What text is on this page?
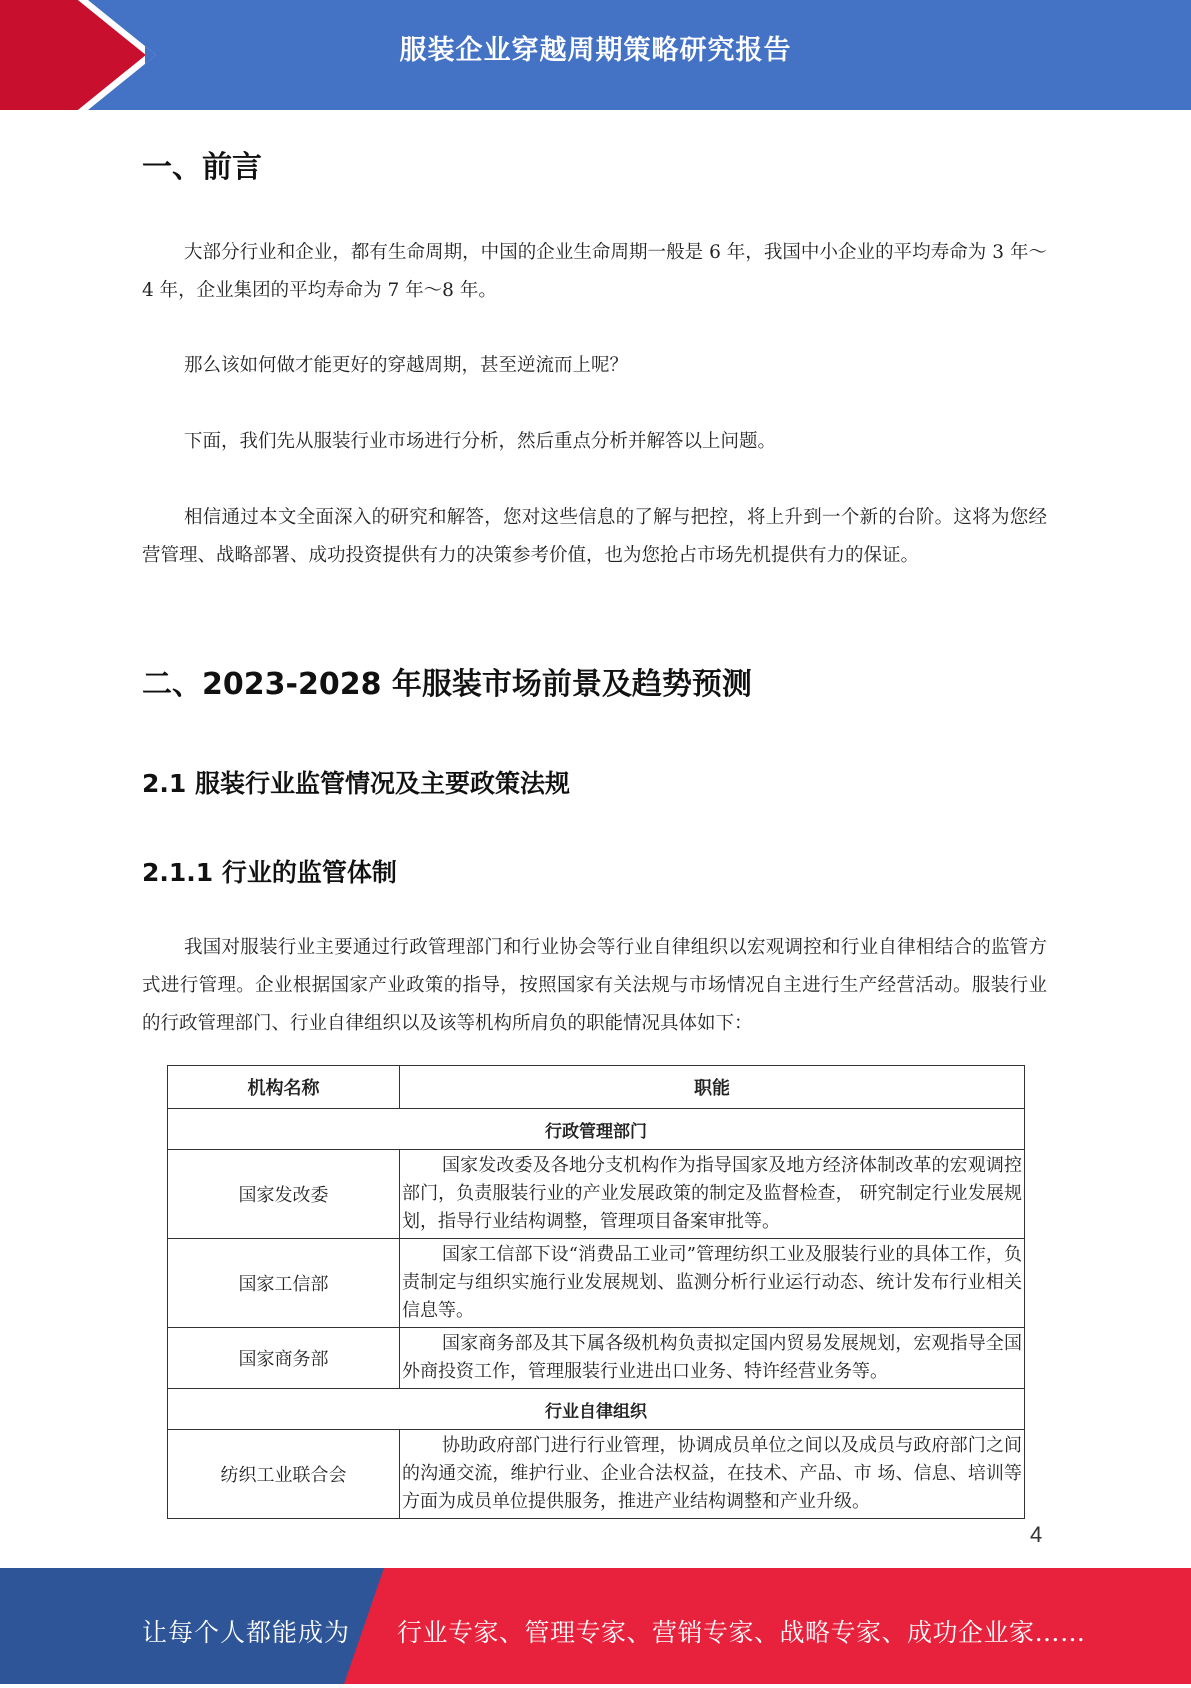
服装企业穿越周期策略研究报告
一、前言

大部分行业和企业，都有生命周期，中国的企业生命周期一般是 6 年，我国中小企业的平均寿命为 3 年～4 年，企业集团的平均寿命为 7 年～8 年。

那么该如何做才能更好的穿越周期，甚至逆流而上呢？

下面，我们先从服装行业市场进行分析，然后重点分析并解答以上问题。

相信通过本文全面深入的研究和解答，您对这些信息的了解与把控，将上升到一个新的台阶。这将为您经营管理、战略部署、成功投资提供有力的决策参考价值，也为您抢占市场先机提供有力的保证。

二、2023-2028 年服装市场前景及趋势预测
2.1 服装行业监管情况及主要政策法规
2.1.1 行业的监管体制

我国对服装行业主要通过行政管理部门和行业协会等行业自律组织以宏观调控和行业自律相结合的监管方式进行管理。企业根据国家产业政策的指导，按照国家有关法规与市场情况自主进行生产经营活动。服装行业的行政管理部门、行业自律组织以及该等机构所肩负的职能情况具体如下：

机构名称	职能
行政管理部门	
国家发改委	国家发改委及各地分支机构作为指导国家及地方经济体制改革的宏观调控部门，负责服装行业的产业发展政策的制定及监督检查， 研究制定行业发展规划，指导行业结构调整，管理项目备案审批等。
国家工信部	国家工信部下设“消费品工业司”管理纺织工业及服装行业的具体工作，负责制定与组织实施行业发展规划、监测分析行业运行动态、统计发布行业相关信息等。
国家商务部	国家商务部及其下属各级机构负责拟定国内贸易发展规划，宏观指导全国外商投资工作，管理服装行业进出口业务、特许经营业务等。
行业自律组织	
纺织工业联合会	协助政府部门进行行业管理，协调成员单位之间以及成员与政府部门之间的沟通交流，维护行业、企业合法权益，在技术、产品、市 场、信息、培训等方面为成员单位提供服务，推进产业结构调整和产业升级。
4
让每个人都能成为 行业专家、管理专家、营销专家、战略专家、成功企业家……
